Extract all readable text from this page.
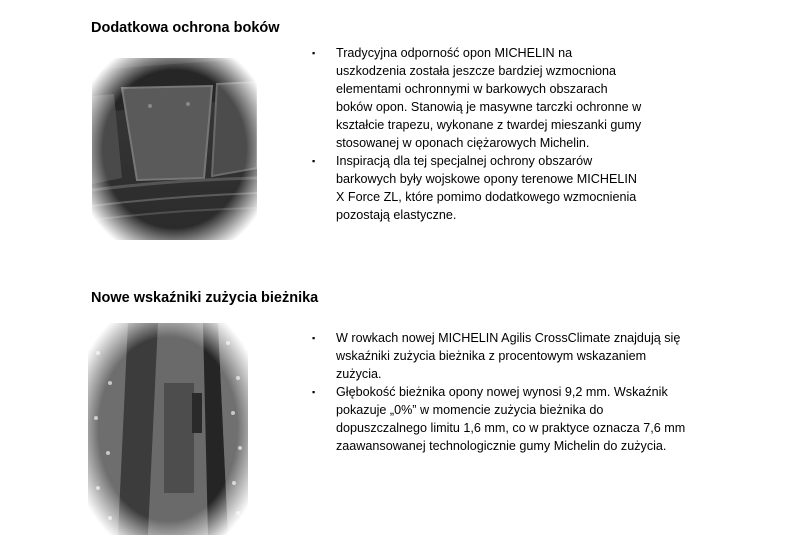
Dodatkowa ochrona boków
▪ Tradycyjna odporność opon MICHELIN na uszkodzenia została jeszcze bardziej wzmocniona elementami ochronnymi w barkowych obszarach boków opon. Stanowią je masywne tarczki ochronne w kształcie trapezu, wykonane z twardej mieszanki gumy stosowanej w oponach ciężarowych Michelin.
▪ Inspiracją dla tej specjalnej ochrony obszarów barkowych były wojskowe opony terenowe MICHELIN X Force ZL, które pomimo dodatkowego wzmocnienia pozostają elastyczne.
Nowe wskaźniki zużycia bieżnika
▪ W rowkach nowej MICHELIN Agilis CrossClimate znajdują się wskaźniki zużycia bieżnika z procentowym wskazaniem zużycia.
▪ Głębokość bieżnika opony nowej wynosi 9,2 mm. Wskaźnik pokazuje „0%” w momencie zużycia bieżnika do dopuszczalnego limitu 1,6 mm, co w praktyce oznacza 7,6 mm zaawansowanej technologicznie gumy Michelin do zużycia.
